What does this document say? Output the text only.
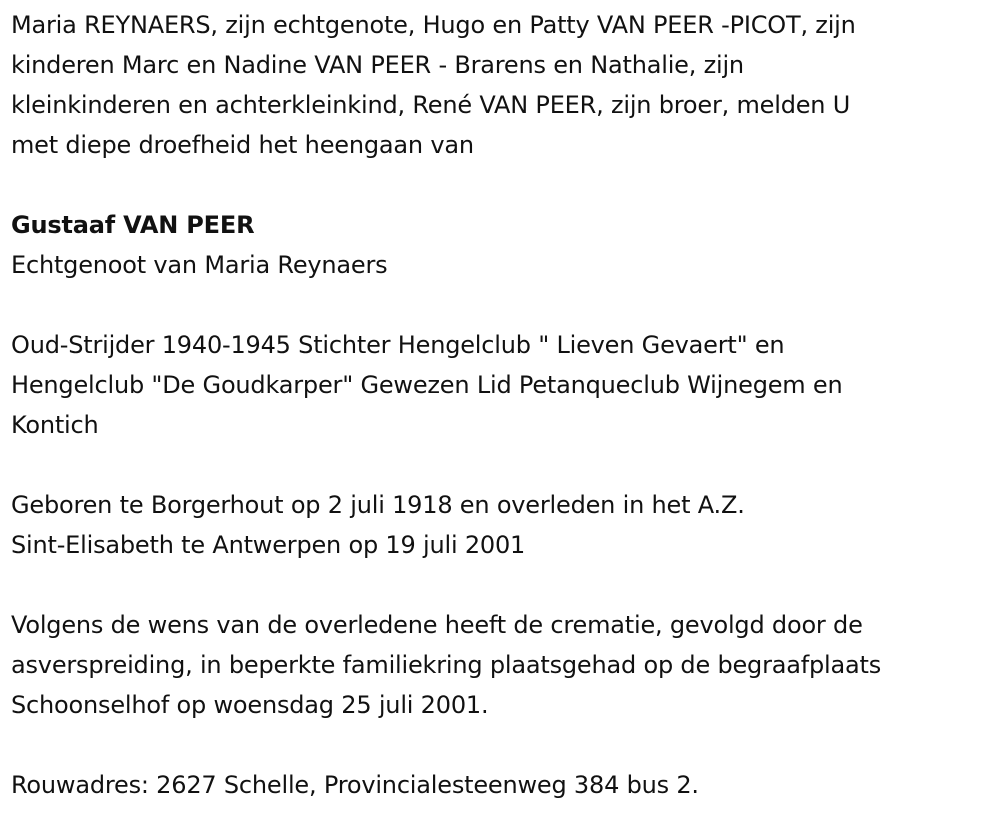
Maria REYNAERS, zijn echtgenote, Hugo en Patty VAN PEER -PICOT, zijn
kinderen Marc en Nadine VAN PEER - Brarens en Nathalie, zijn
kleinkinderen en achterkleinkind, René VAN PEER, zijn broer, melden U
met diepe droefheid het heengaan van

Gustaaf VAN PEER

Echtgenoot van Maria Reynaers

Oud-Strijder 1940-1945 Stichter Hengelclub " Lieven Gevaert" en
Hengelclub "De Goudkarper" Gewezen Lid Petanqueclub Wijnegem en
Kontich

Geboren te Borgerhout op 2 juli 1918 en overleden in het A.Z.
Sint-Elisabeth te Antwerpen op 19 juli 2001

Volgens de wens van de overledene heeft de crematie, gevolgd door de
asverspreiding, in beperkte familiekring plaatsgehad op de begraafplaats
Schoonselhof op woensdag 25 juli 2001.

Rouwadres: 2627 Schelle, Provincialesteenweg 384 bus 2.
